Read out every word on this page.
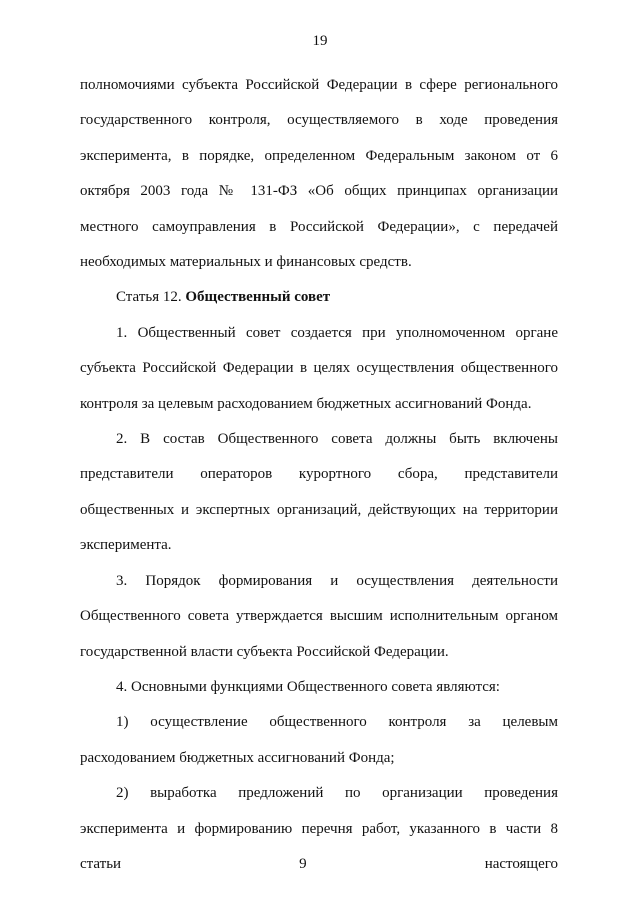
19

полномочиями субъекта Российской Федерации в сфере регионального государственного контроля, осуществляемого в ходе проведения эксперимента, в порядке, определенном Федеральным законом от 6 октября 2003 года № 131-ФЗ «Об общих принципах организации местного самоуправления в Российской Федерации», с передачей необходимых материальных и финансовых средств.

Статья 12. Общественный совет

1. Общественный совет создается при уполномоченном органе субъекта Российской Федерации в целях осуществления общественного контроля за целевым расходованием бюджетных ассигнований Фонда.

2. В состав Общественного совета должны быть включены представители операторов курортного сбора, представители общественных и экспертных организаций, действующих на территории эксперимента.

3. Порядок формирования и осуществления деятельности Общественного совета утверждается высшим исполнительным органом государственной власти субъекта Российской Федерации.

4. Основными функциями Общественного совета являются:

1) осуществление общественного контроля за целевым расходованием бюджетных ассигнований Фонда;

2) выработка предложений по организации проведения эксперимента и формированию перечня работ, указанного в части 8 статьи 9 настоящего
